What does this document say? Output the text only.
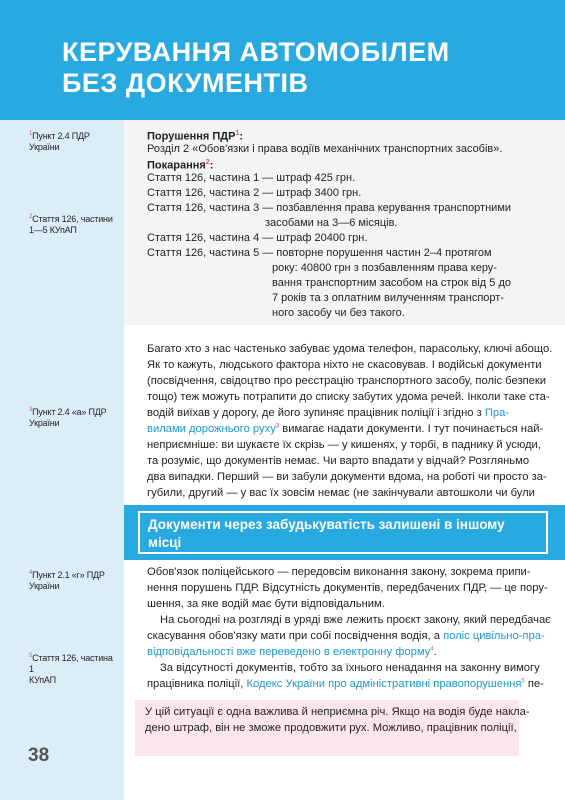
КЕРУВАННЯ АВТОМОБІЛЕМ
БЕЗ ДОКУМЕНТІВ
$^1$Пункт 2.4 ПДР України
$^2$Стаття 126, частини
1—5 КУпАП
$^3$Пункт 2.4 «а» ПДР України
$^4$Пункт 2.1 «г» ПДР України
$^5$Стаття 126, частина 1
КУпАП
38
Порушення ПДР$^1$:
Розділ 2 «Обов'язки і права водіїв механічних транспортних засобів».
Покарання$^2$:
Стаття 126, частина 1 — штраф 425 грн.
Стаття 126, частина 2 — штраф 3400 грн.
Стаття 126, частина 3 — позбавлення права керування транспортними
засобами на 3—6 місяців.
Стаття 126, частина 4 — штраф 20400 грн.
Стаття 126, частина 5 — повторне порушення частин 2–4 протягом
року: 40800 грн з позбавленням права керу-
вання транспортним засобом на строк від 5 до
7 років та з оплатним вилученням транспорт-
ного засобу чи без такого.
Багато хто з нас частенько забуває удома телефон, парасольку, ключі абощо.
Як то кажуть, людського фактора ніхто не скасовував. І водійські документи
(посвідчення, свідоцтво про реєстрацію транспортного засобу, поліс безпеки
тощо) теж можуть потрапити до списку забутих удома речей. Інколи таке ста-
водій виїхав у дорогу, де його зупиняє працівник поліції і згідно з Пра-
вилами дорожнього руху$^3$ вимагає надати документи. І тут починається най-
неприємніше: ви шукаєте їх скрізь — у кишенях, у торбі, в паднику й усюди,
та розуміє, що документів немає. Чи варто впадати у відчай? Розгляньмо
два випадки. Перший — ви забули документи вдома, на роботі чи просто за-
губили, другий — у вас їх зовсім немає (не закінчували автошколи чи були
Документи через забудькуватість залишені в іншому
місці
Обов'язок поліцейського — передовсім виконання закону, зокрема припи-
нення порушень ПДР. Відсутність документів, передбачених ПДР, — це пору-
шення, за яке водій має бути відповідальним.
На сьогодні на розгляді в уряді вже лежить проєкт закону, який передбачає
скасування обов'язку мати при собі посвідчення водія, а поліс цивільно-пра-
відповідальності вже переведено в електронну форму$^4$.
За відсутності документів, тобто за їхнього ненадання на законну вимогу
працівника поліції, Кодекс України про адміністративні правопорушення$^5$ пе-
У цій ситуації є одна важлива й неприємна річ. Якщо на водія буде накла-
дено штраф, він не зможе продовжити рух. Можливо, працівник поліції,
